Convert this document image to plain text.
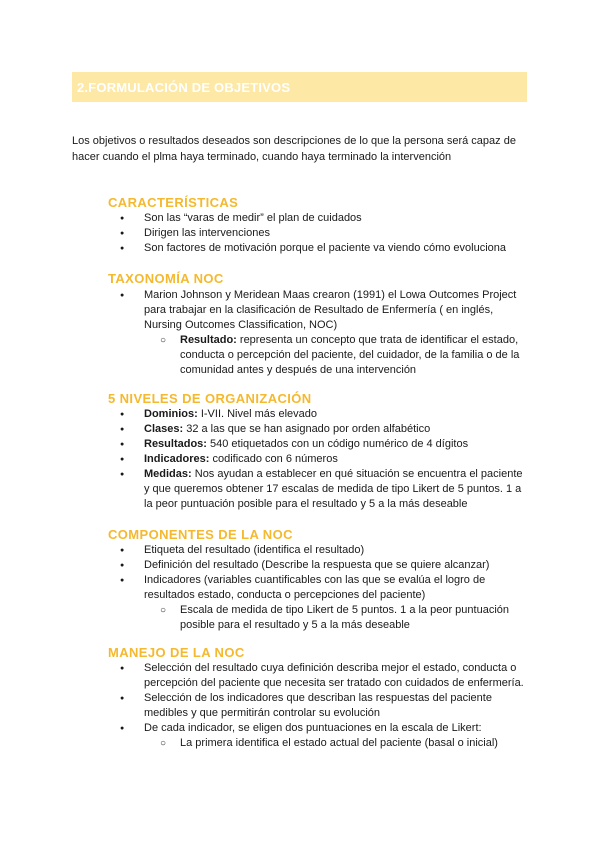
2.FORMULACIÓN DE OBJETIVOS
Los objetivos o resultados deseados son descripciones de lo que la persona será capaz de hacer cuando el plma haya terminado, cuando haya terminado la intervención
CARACTERÍSTICAS
● Son las “varas de medir” el plan de cuidados
● Dirigen las intervenciones
● Son factores de motivación porque el paciente va viendo cómo evoluciona
TAXONOMÍA NOC
● Marion Johnson y Meridean Maas crearon (1991) el Lowa Outcomes Project para trabajar en la clasificación de Resultado de Enfermería ( en inglés, Nursing Outcomes Classification, NOC)
○ Resultado: representa un concepto que trata de identificar el estado, conducta o percepción del paciente, del cuidador, de la familia o de la comunidad antes y después de una intervención
5 NIVELES DE ORGANIZACIÓN
● Dominios: I-VII. Nivel más elevado
● Clases: 32 a las que se han asignado por orden alfabético
● Resultados: 540 etiquetados con un código numérico de 4 dígitos
● Indicadores: codificado con 6 números
● Medidas: Nos ayudan a establecer en qué situación se encuentra el paciente y que queremos obtener 17 escalas de medida de tipo Likert de 5 puntos. 1 a la peor puntuación posible para el resultado y 5 a la más deseable
COMPONENTES DE LA NOC
● Etiqueta del resultado (identifica el resultado)
● Definición del resultado (Describe la respuesta que se quiere alcanzar)
● Indicadores (variables cuantificables con las que se evalúa el logro de resultados estado, conducta o percepciones del paciente)
○ Escala de medida de tipo Likert de 5 puntos. 1 a la peor puntuación posible para el resultado y 5 a la más deseable
MANEJO DE LA NOC
● Selección del resultado cuya definición describa mejor el estado, conducta o percepción del paciente que necesita ser tratado con cuidados de enfermería.
● Selección de los indicadores que describan las respuestas del paciente medibles y que permitirán controlar su evolución
● De cada indicador, se eligen dos puntuaciones en la escala de Likert:
○ La primera identifica el estado actual del paciente (basal o inicial)
